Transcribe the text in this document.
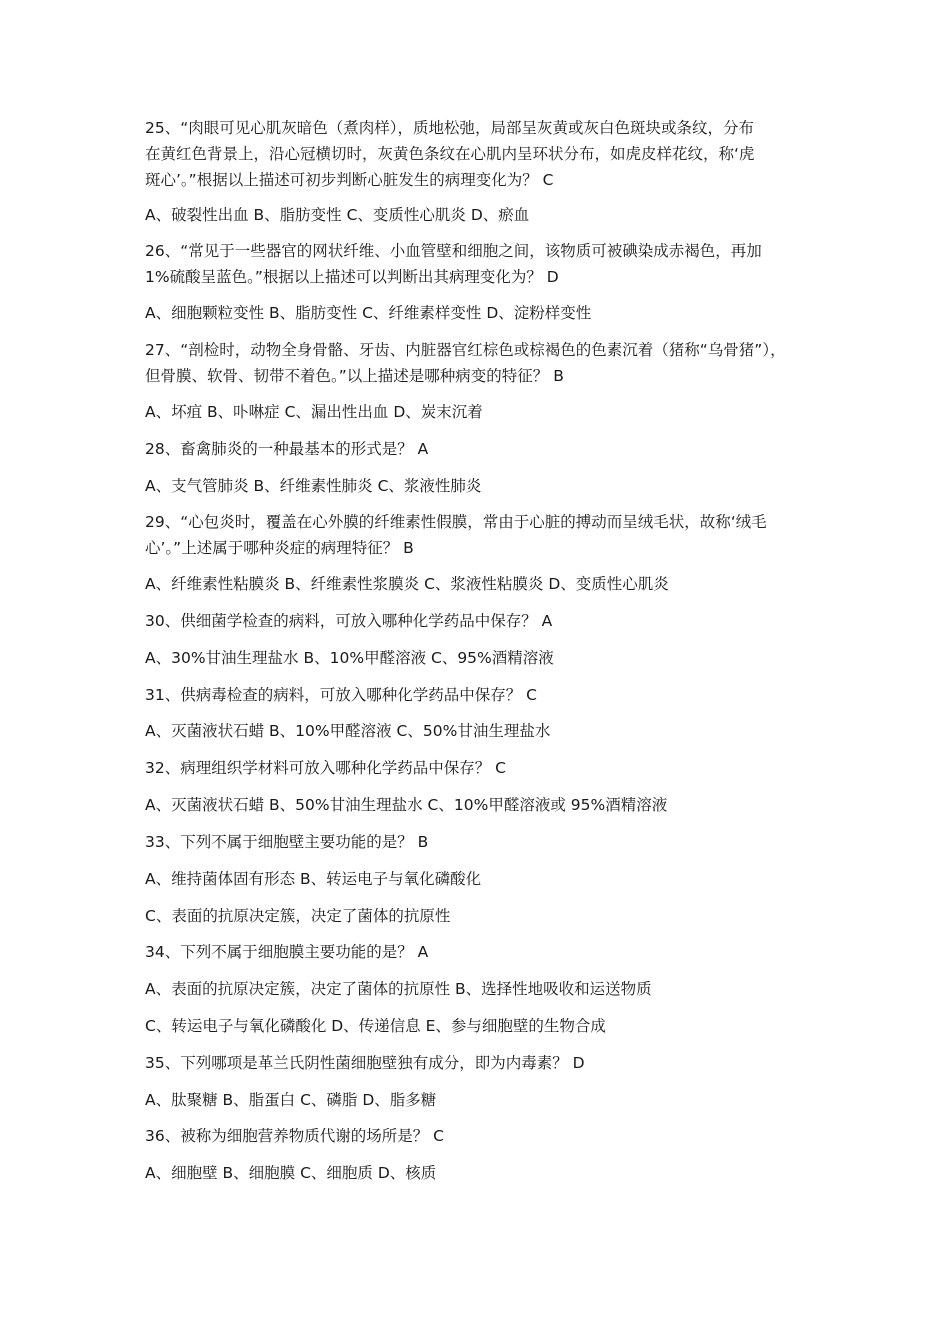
25、“肉眼可见心肌灰暗色（煮肉样），质地松弛，局部呈灰黄或灰白色斑块或条纹，分布
在黄红色背景上，沿心冠横切时，灰黄色条纹在心肌内呈环状分布，如虎皮样花纹，称‘虎
斑心’。”根据以上描述可初步判断心脏发生的病理变化为？ C
A、破裂性出血 B、脂肪变性 C、变质性心肌炎 D、瘀血
26、“常见于一些器官的网状纤维、小血管壁和细胞之间，该物质可被碘染成赤褐色，再加
1%硫酸呈蓝色。”根据以上描述可以判断出其病理变化为？ D
A、细胞颗粒变性 B、脂肪变性 C、纤维素样变性 D、淀粉样变性
27、“剖检时，动物全身骨骼、牙齿、内脏器官红棕色或棕褐色的色素沉着（猪称“乌骨猪”），
但骨膜、软骨、韧带不着色。”以上描述是哪种病变的特征？ B
A、坏疽 B、卟啉症 C、漏出性出血 D、炭末沉着
28、畜禽肺炎的一种最基本的形式是？ A
A、支气管肺炎 B、纤维素性肺炎 C、浆液性肺炎
29、“心包炎时，覆盖在心外膜的纤维素性假膜，常由于心脏的搏动而呈绒毛状，故称‘绒毛
心’。”上述属于哪种炎症的病理特征？ B
A、纤维素性粘膜炎 B、纤维素性浆膜炎 C、浆液性粘膜炎 D、变质性心肌炎
30、供细菌学检查的病料，可放入哪种化学药品中保存？ A
A、30%甘油生理盐水 B、10%甲醛溶液 C、95%酒精溶液
31、供病毒检查的病料，可放入哪种化学药品中保存？ C
A、灭菌液状石蜡 B、10%甲醛溶液 C、50%甘油生理盐水
32、病理组织学材料可放入哪种化学药品中保存？ C
A、灭菌液状石蜡 B、50%甘油生理盐水 C、10%甲醛溶液或 95%酒精溶液
33、下列不属于细胞壁主要功能的是？ B
A、维持菌体固有形态 B、转运电子与氧化磷酸化
C、表面的抗原决定簇，决定了菌体的抗原性
34、下列不属于细胞膜主要功能的是？ A
A、表面的抗原决定簇，决定了菌体的抗原性 B、选择性地吸收和运送物质
C、转运电子与氧化磷酸化 D、传递信息 E、参与细胞壁的生物合成
35、下列哪项是革兰氏阴性菌细胞壁独有成分，即为内毒素？ D
A、肽聚糖 B、脂蛋白 C、磷脂 D、脂多糖
36、被称为细胞营养物质代谢的场所是？ C
A、细胞壁 B、细胞膜 C、细胞质 D、核质
